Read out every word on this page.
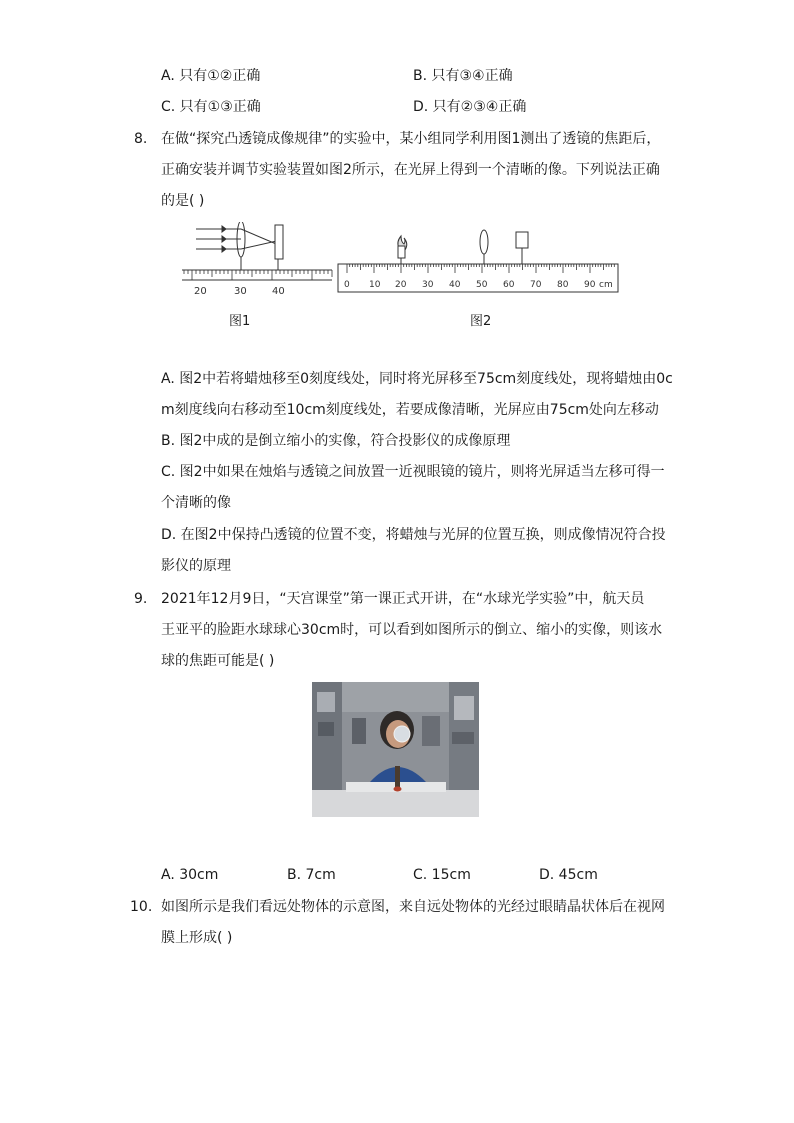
A. 只有①②正确	B. 只有③④正确
C. 只有①③正确	D. 只有②③④正确
8. 在做“探究凸透镜成像规律”的实验中，某小组同学利用图1测出了透镜的焦距后，
正确安装并调节实验装置如图2所示，在光屏上得到一个清晰的像。下列说法正确
的是( )
20	30	40
图1
0 10 20 30 40 50 60 70 80 90 cm
图2
A. 图2中若将蜡烛移至0刻度线处，同时将光屏移至75cm刻度线处，现将蜡烛由0c
m刻度线向右移动至10cm刻度线处，若要成像清晰，光屏应由75cm处向左移动
B. 图2中成的是倒立缩小的实像，符合投影仪的成像原理
C. 图2中如果在烛焰与透镜之间放置一近视眼镜的镜片，则将光屏适当左移可得一
个清晰的像
D. 在图2中保持凸透镜的位置不变，将蜡烛与光屏的位置互换，则成像情况符合投
影仪的原理
9. 2021年12月9日，“天宫课堂”第一课正式开讲，在“水球光学实验”中，航天员
王亚平的脸距水球球心30cm时，可以看到如图所示的倒立、缩小的实像，则该水
球的焦距可能是( )
A. 30cm	B. 7cm	C. 15cm	D. 45cm
10. 如图所示是我们看远处物体的示意图，来自远处物体的光经过眼睛晶状体后在视网
膜上形成( )
